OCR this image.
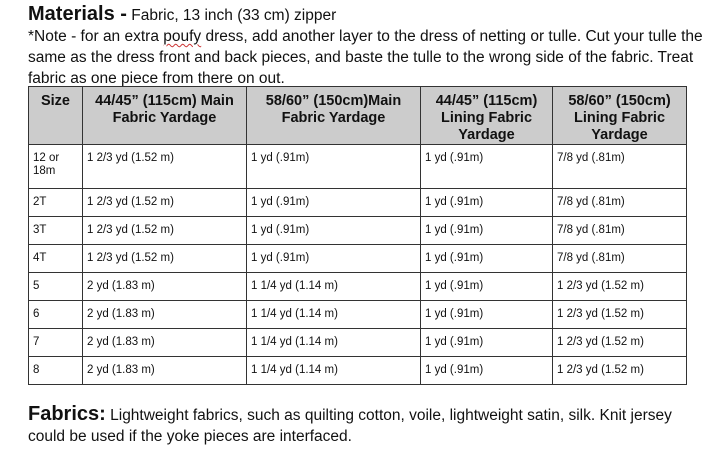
Materials - Fabric, 13 inch (33 cm) zipper
*Note - for an extra poufy dress, add another layer to the dress of netting or tulle. Cut your tulle the same as the dress front and back pieces, and baste the tulle to the wrong side of the fabric. Treat fabric as one piece from there on out.
Size	44/45” (115cm) Main Fabric Yardage	58/60” (150cm)Main Fabric Yardage	44/45” (115cm) Lining Fabric Yardage	58/60” (150cm) Lining Fabric Yardage
12 or 18m	1 2/3 yd (1.52 m)	1 yd (.91m)	1 yd (.91m)	7/8 yd (.81m)
2T	1 2/3 yd (1.52 m)	1 yd (.91m)	1 yd (.91m)	7/8 yd (.81m)
3T	1 2/3 yd (1.52 m)	1 yd (.91m)	1 yd (.91m)	7/8 yd (.81m)
4T	1 2/3 yd (1.52 m)	1 yd (.91m)	1 yd (.91m)	7/8 yd (.81m)
5	2 yd (1.83 m)	1 1/4 yd (1.14 m)	1 yd (.91m)	1 2/3 yd (1.52 m)
6	2 yd (1.83 m)	1 1/4 yd (1.14 m)	1 yd (.91m)	1 2/3 yd (1.52 m)
7	2 yd (1.83 m)	1 1/4 yd (1.14 m)	1 yd (.91m)	1 2/3 yd (1.52 m)
8	2 yd (1.83 m)	1 1/4 yd (1.14 m)	1 yd (.91m)	1 2/3 yd (1.52 m)
Fabrics: Lightweight fabrics, such as quilting cotton, voile, lightweight satin, silk. Knit jersey could be used if the yoke pieces are interfaced.
